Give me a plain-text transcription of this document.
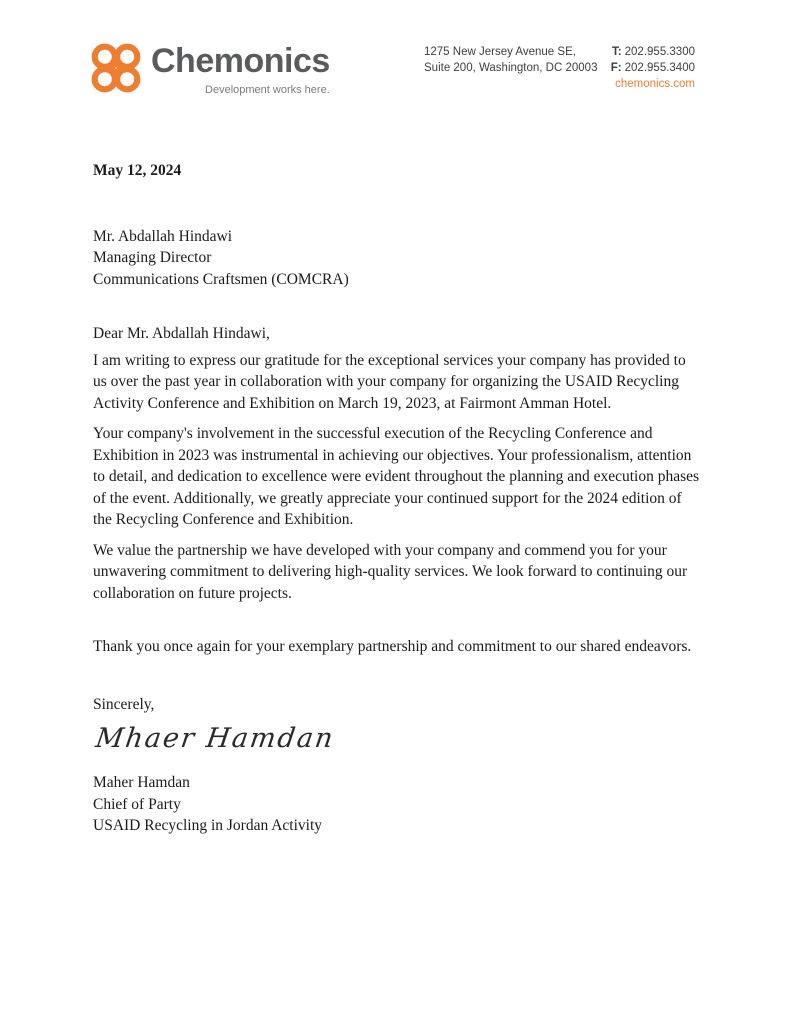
Chemonics
Development works here.
1275 New Jersey Avenue SE,
Suite 200, Washington, DC 20003
T: 202.955.3300
F: 202.955.3400
chemonics.com
May 12, 2024
Mr. Abdallah Hindawi
Managing Director
Communications Craftsmen (COMCRA)
Dear Mr. Abdallah Hindawi,

I am writing to express our gratitude for the exceptional services your company has provided to us over the past year in collaboration with your company for organizing the USAID Recycling Activity Conference and Exhibition on March 19, 2023, at Fairmont Amman Hotel.

Your company's involvement in the successful execution of the Recycling Conference and Exhibition in 2023 was instrumental in achieving our objectives. Your professionalism, attention to detail, and dedication to excellence were evident throughout the planning and execution phases of the event. Additionally, we greatly appreciate your continued support for the 2024 edition of the Recycling Conference and Exhibition.

We value the partnership we have developed with your company and commend you for your unwavering commitment to delivering high-quality services. We look forward to continuing our collaboration on future projects.

Thank you once again for your exemplary partnership and commitment to our shared endeavors.
Sincerely,
Mhaer Hamdan
Maher Hamdan
Chief of Party
USAID Recycling in Jordan Activity
